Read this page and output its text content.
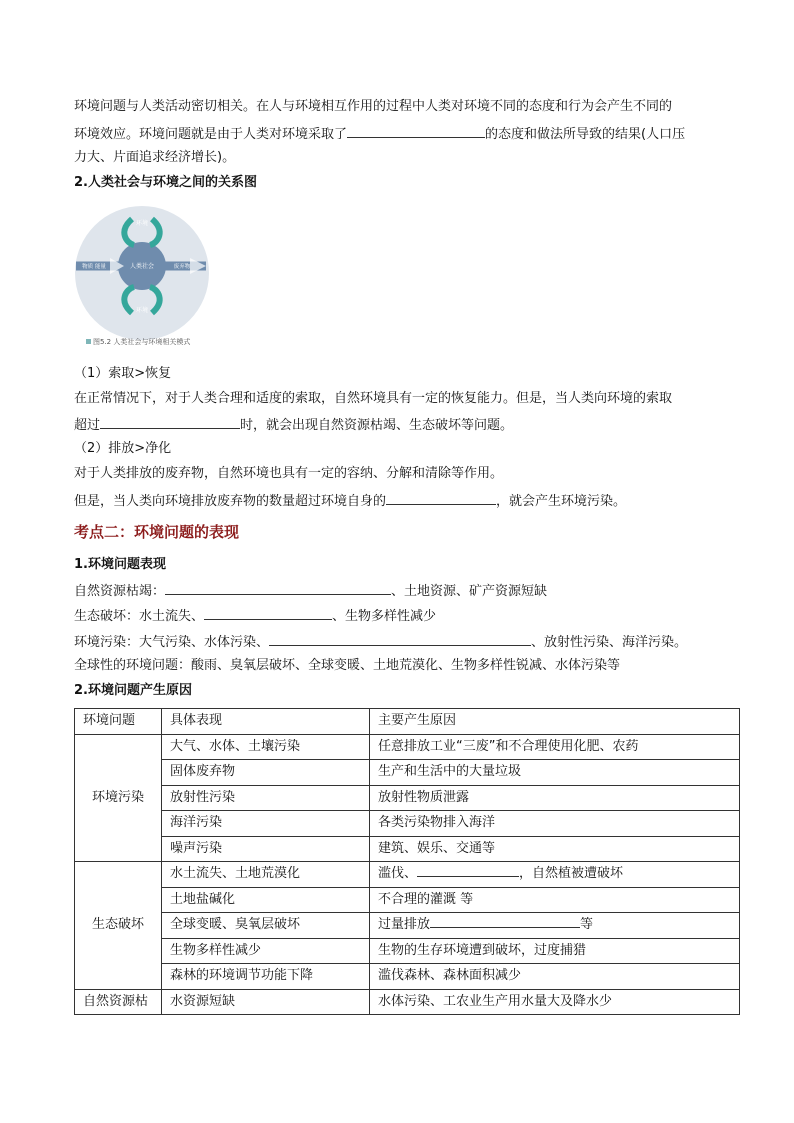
环境问题与人类活动密切相关。在人与环境相互作用的过程中人类对环境不同的态度和行为会产生不同的
环境效应。环境问题就是由于人类对环境采取了	的态度和做法所导致的结果(人口压
力大、片面追求经济增长)。
2.人类社会与环境之间的关系图
环境
环境
人类社会
物质 能量	废弃物
图5.2 人类社会与环境相关模式
（1）索取>恢复
在正常情况下，对于人类合理和适度的索取，自然环境具有一定的恢复能力。但是，当人类向环境的索取
超过	时，就会出现自然资源枯竭、生态破坏等问题。
（2）排放>净化
对于人类排放的废弃物，自然环境也具有一定的容纳、分解和清除等作用。
但是，当人类向环境排放废弃物的数量超过环境自身的	，就会产生环境污染。
考点二：环境问题的表现
1.环境问题表现
自然资源枯竭：	、土地资源、矿产资源短缺
生态破坏：水土流失、	、生物多样性减少
环境污染：大气污染、水体污染、	、放射性污染、海洋污染。
全球性的环境问题：酸雨、臭氧层破坏、全球变暖、土地荒漠化、生物多样性锐减、水体污染等
2.环境问题产生原因
环境问题	具体表现	主要产生原因
环境污染	大气、水体、土壤污染	任意排放工业“三废”和不合理使用化肥、农药
	固体废弃物	生产和生活中的大量垃圾
	放射性污染	放射性物质泄露
	海洋污染	各类污染物排入海洋
	噪声污染	建筑、娱乐、交通等
生态破坏	水土流失、土地荒漠化	滥伐、 ，自然植被遭破坏
	土地盐碱化	不合理的灌溉 等
	全球变暖、臭氧层破坏	过量排放 等
	生物多样性减少	生物的生存环境遭到破坏，过度捕猎
	森林的环境调节功能下降	滥伐森林、森林面积减少
自然资源枯	水资源短缺	水体污染、工农业生产用水量大及降水少
